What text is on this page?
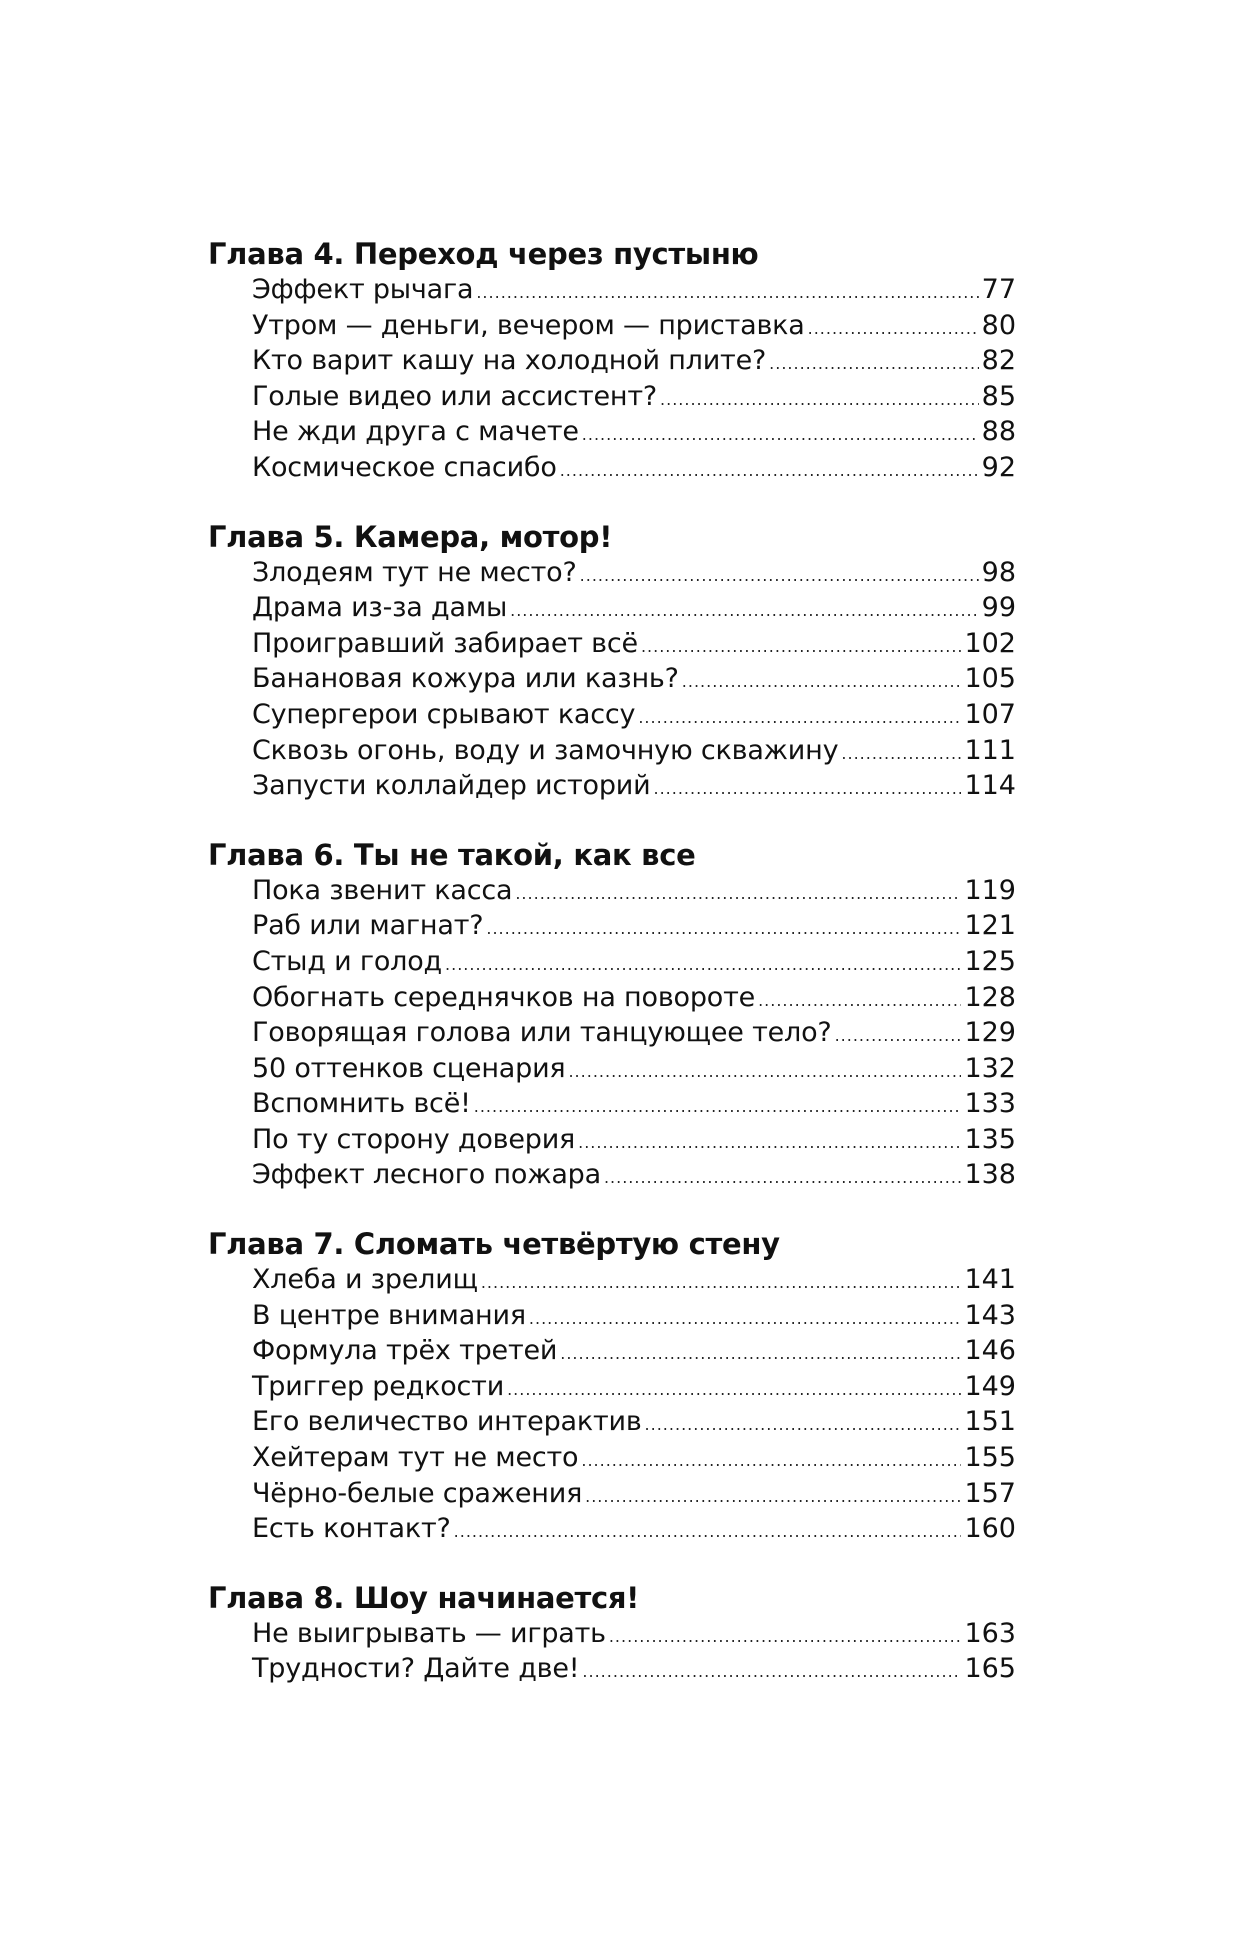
Глава 4. Переход через пустыню
Эффект рычага .....	77
Утром — деньги, вечером — приставка .....	80
Кто варит кашу на холодной плите? .....	82
Голые видео или ассистент? .....	85
Не жди друга с мачете .....	88
Космическое спасибо .....	92
Глава 5. Камера, мотор!
Злодеям тут не место? .....	98
Драма из-за дамы .....	99
Проигравший забирает всё .....	102
Банановая кожура или казнь? .....	105
Супергерои срывают кассу .....	107
Сквозь огонь, воду и замочную скважину .....	111
Запусти коллайдер историй .....	114
Глава 6. Ты не такой, как все
Пока звенит касса .....	119
Раб или магнат? .....	121
Стыд и голод .....	125
Обогнать середнячков на повороте .....	128
Говорящая голова или танцующее тело? .....	129
50 оттенков сценария .....	132
Вспомнить всё! .....	133
По ту сторону доверия .....	135
Эффект лесного пожара .....	138
Глава 7. Сломать четвёртую стену
Хлеба и зрелищ .....	141
В центре внимания .....	143
Формула трёх третей .....	146
Триггер редкости .....	149
Его величество интерактив .....	151
Хейтерам тут не место .....	155
Чёрно-белые сражения .....	157
Есть контакт? .....	160
Глава 8. Шоу начинается!
Не выигрывать — играть .....	163
Трудности? Дайте две! .....	165
